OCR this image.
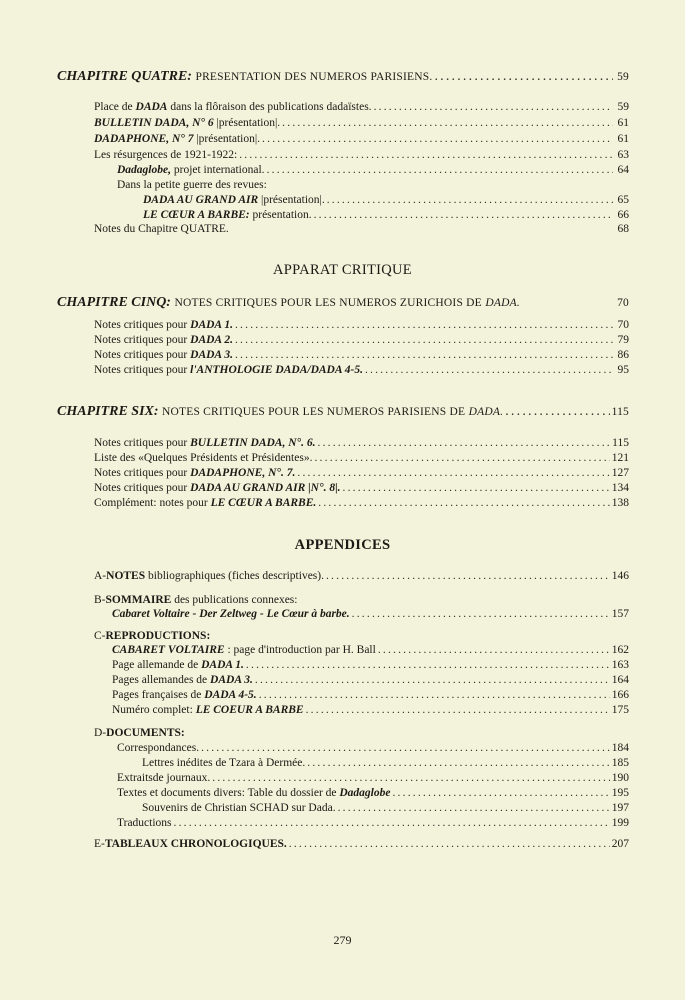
CHAPITRE QUATRE: PRESENTATION DES NUMEROS PARISIENS. .....	59
Place de DADA dans la flôraison des publications dadaïstes. .....	59
BULLETIN DADA, N° 6 |présentation|. .....	61
DADAPHONE, N° 7 |présentation|. .....	61
Les résurgences de 1921-1922: .....	63
Dadaglobe, projet international. .....	64
Dans la petite guerre des revues:
DADA AU GRAND AIR |présentation|. .....	65
LE CŒUR A BARBE: présentation. .....	66
Notes du Chapitre QUATRE.	68
APPARAT CRITIQUE
CHAPITRE CINQ: NOTES CRITIQUES POUR LES NUMEROS ZURICHOIS DE DADA.	70
Notes critiques pour DADA 1. .....	70
Notes critiques pour DADA 2. .....	79
Notes critiques pour DADA 3. .....	86
Notes critiques pour l'ANTHOLOGIE DADA/DADA 4-5. .....	95
CHAPITRE SIX: NOTES CRITIQUES POUR LES NUMEROS PARISIENS DE DADA. .....	115
Notes critiques pour BULLETIN DADA, N°. 6. .....	115
Liste des «Quelques Présidents et Présidentes». .....	121
Notes critiques pour DADAPHONE, N°. 7. .....	127
Notes critiques pour DADA AU GRAND AIR |N°. 8|. .....	134
Complément: notes pour LE CŒUR A BARBE. .....	138
APPENDICES
A-NOTES bibliographiques (fiches descriptives). .....	146
B-SOMMAIRE des publications connexes:
Cabaret Voltaire - Der Zeltweg - Le Cœur à barbe. .....	157
C-REPRODUCTIONS:
CABARET VOLTAIRE : page d'introduction par H. Ball .....	162
Page allemande de DADA 1. .....	163
Pages allemandes de DADA 3. .....	164
Pages françaises de DADA 4-5. .....	166
Numéro complet: LE COEUR A BARBE .....	175
D-DOCUMENTS:
Correspondances. .....	184
Lettres inédites de Tzara à Dermée. .....	185
Extraitsde journaux. .....	190
Textes et documents divers: Table du dossier de Dadaglobe .....	195
Souvenirs de Christian SCHAD sur Dada. .....	197
Traductions .....	199
E-TABLEAUX CHRONOLOGIQUES. .....	207
279
